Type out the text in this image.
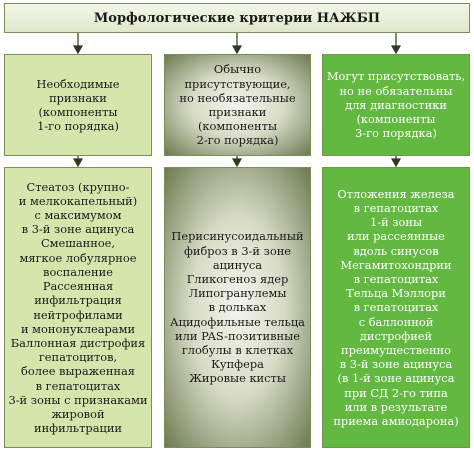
Морфологические критерии НАЖБП
Необходимые
признаки
(компоненты
1-го порядка)
Обычно
присутствующие,
но необязательные
признаки
(компоненты
2-го порядка)
Могут присутствовать,
но не обязательны
для диагностики
(компоненты
3-го порядка)
Стеатоз (крупно-
и мелкокапельный)
с максимумом
в 3-й зоне ацинуса
Смешанное,
мягкое лобулярное
воспаление
Рассеянная
инфильтрация
нейтрофилами
и мононуклеарами
Баллонная дистрофия
гепатоцитов,
более выраженная
в гепатоцитах
3-й зоны с признаками
жировой
инфильтрации
Перисинусоидальный
фиброз в 3-й зоне
ацинуса
Гликогеноз ядер
Липогранулемы
в дольках
Ацидофильные тельца
или PAS-позитивные
глобулы в клетках
Купфера
Жировые кисты
Отложения железа
в гепатоцитах
1-й зоны
или рассеянные
вдоль синусов
Мегамитохондрии
в гепатоцитах
Тельца Мэллори
в гепатоцитах
с баллонной
дистрофией
преимущественно
в 3-й зоне ацинуса
(в 1-й зоне ацинуса
при СД 2-го типа
или в результате
приема амиодарона)
